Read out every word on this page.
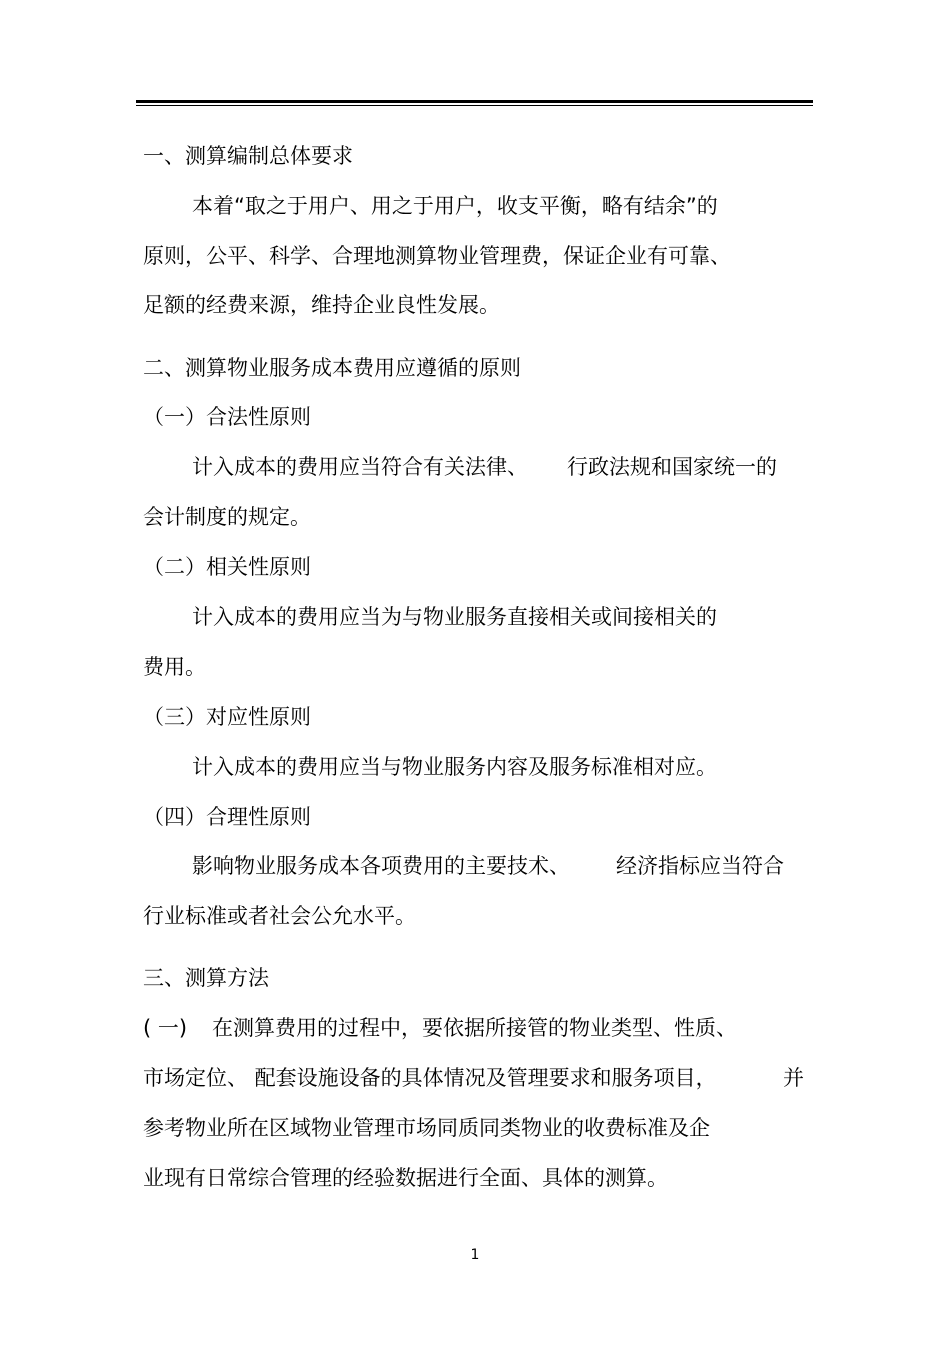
一、测算编制总体要求
本着“取之于用户、用之于用户，收支平衡，略有结余”的
原则，公平、科学、合理地测算物业管理费，保证企业有可靠、
足额的经费来源，维持企业良性发展。
二、测算物业服务成本费用应遵循的原则
（一）合法性原则
计入成本的费用应当符合有关法律、 行政法规和国家统一的
会计制度的规定。
（二）相关性原则
计入成本的费用应当为与物业服务直接相关或间接相关的
费用。
（三）对应性原则
计入成本的费用应当与物业服务内容及服务标准相对应。
（四）合理性原则
影响物业服务成本各项费用的主要技术、 经济指标应当符合
行业标准或者社会公允水平。
三、测算方法
( 一) 在测算费用的过程中，要依据所接管的物业类型、性质、
市场定位、 配套设施设备的具体情况及管理要求和服务项目，	并
参考物业所在区域物业管理市场同质同类物业的收费标准及企
业现有日常综合管理的经验数据进行全面、具体的测算。
1
